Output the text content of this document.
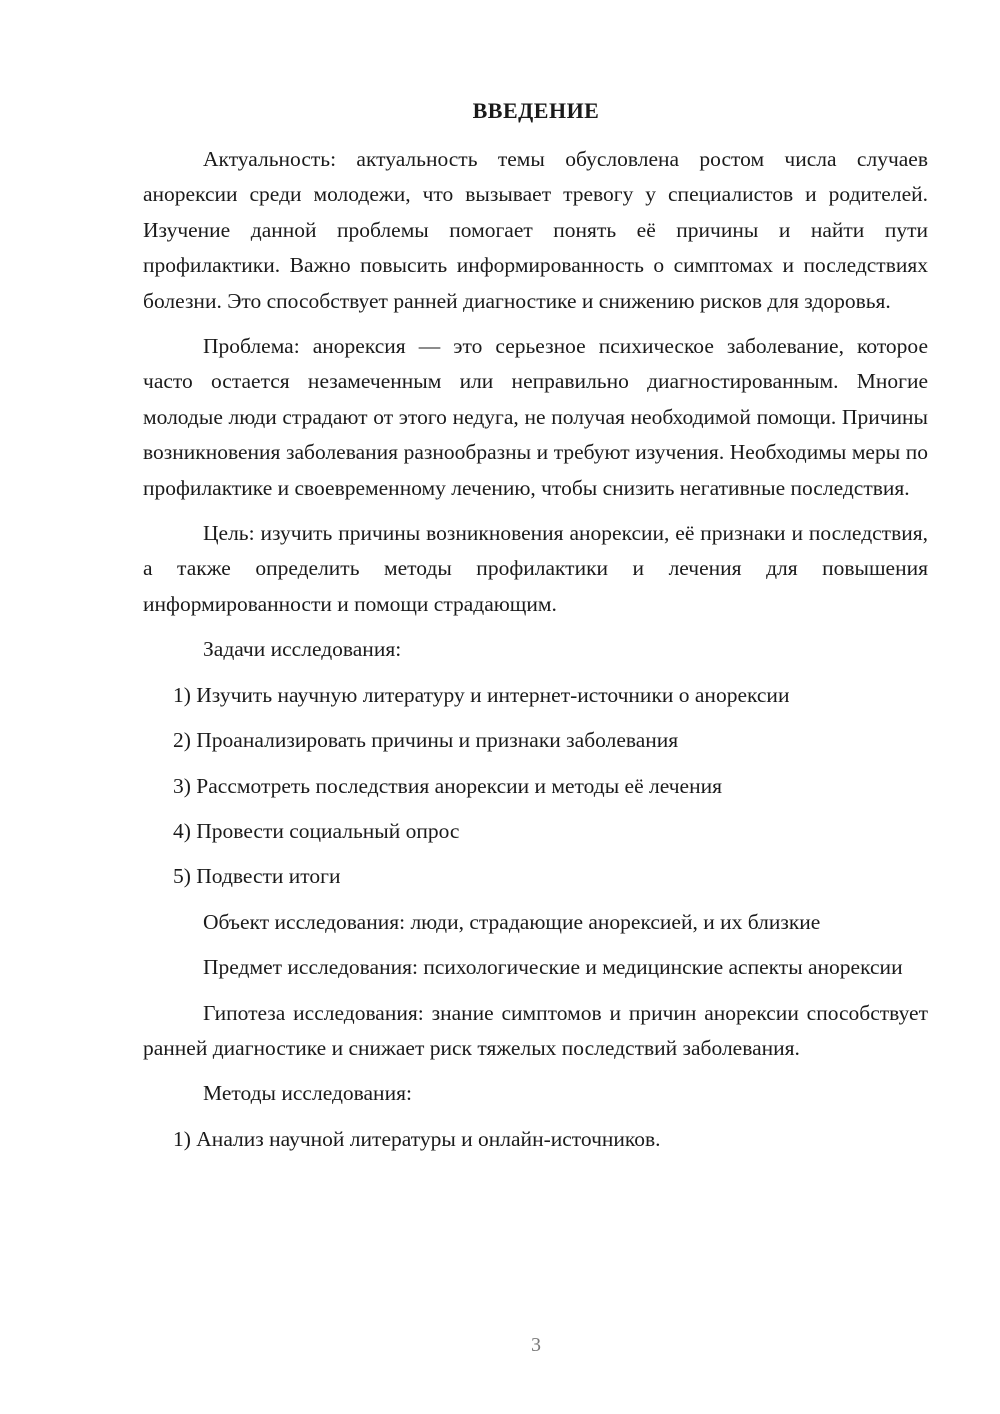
ВВЕДЕНИЕ

Актуальность: актуальность темы обусловлена ростом числа случаев анорексии среди молодежи, что вызывает тревогу у специалистов и родителей. Изучение данной проблемы помогает понять её причины и найти пути профилактики. Важно повысить информированность о симптомах и последствиях болезни. Это способствует ранней диагностике и снижению рисков для здоровья.

Проблема: анорексия — это серьезное психическое заболевание, которое часто остается незамеченным или неправильно диагностированным. Многие молодые люди страдают от этого недуга, не получая необходимой помощи. Причины возникновения заболевания разнообразны и требуют изучения. Необходимы меры по профилактике и своевременному лечению, чтобы снизить негативные последствия.

Цель: изучить причины возникновения анорексии, её признаки и последствия, а также определить методы профилактики и лечения для повышения информированности и помощи страдающим.

Задачи исследования:

1) Изучить научную литературу и интернет-источники о анорексии

2) Проанализировать причины и признаки заболевания

3) Рассмотреть последствия анорексии и методы её лечения

4) Провести социальный опрос

5) Подвести итоги

Объект исследования: люди, страдающие анорексией, и их близкие

Предмет исследования: психологические и медицинские аспекты анорексии

Гипотеза исследования: знание симптомов и причин анорексии способствует ранней диагностике и снижает риск тяжелых последствий заболевания.

Методы исследования:

1) Анализ научной литературы и онлайн-источников.

3
